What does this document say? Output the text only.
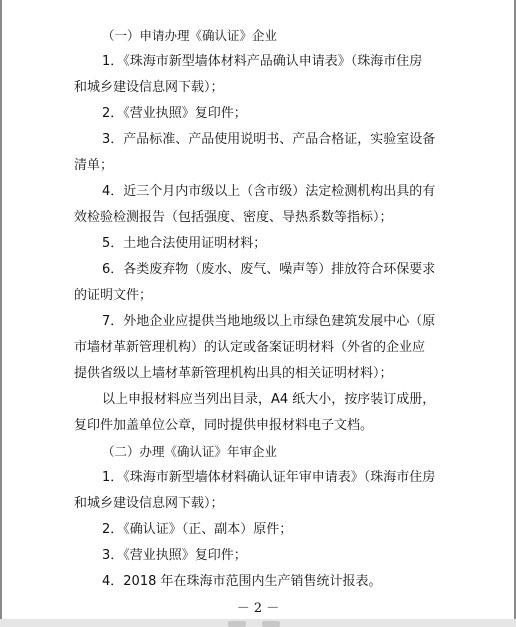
（一）申请办理《确认证》企业
1．《珠海市新型墙体材料产品确认申请表》（珠海市住房
和城乡建设信息网下载）；
2．《营业执照》复印件；
3．产品标准、产品使用说明书、产品合格证，实验室设备
清单；
4．近三个月内市级以上（含市级）法定检测机构出具的有
效检验检测报告（包括强度、密度、导热系数等指标）；
5．土地合法使用证明材料；
6．各类废弃物（废水、废气、噪声等）排放符合环保要求
的证明文件；
7．外地企业应提供当地地级以上市绿色建筑发展中心（原
市墙材革新管理机构）的认定或备案证明材料（外省的企业应
提供省级以上墙材革新管理机构出具的相关证明材料）；
以上申报材料应当列出目录，A4 纸大小，按序装订成册，
复印件加盖单位公章，同时提供申报材料电子文档。
（二）办理《确认证》年审企业
1．《珠海市新型墙体材料确认证年审申请表》（珠海市住房
和城乡建设信息网下载）；
2．《确认证》（正、副本）原件；
3．《营业执照》复印件；
4．2018 年在珠海市范围内生产销售统计报表。
－ 2 －
